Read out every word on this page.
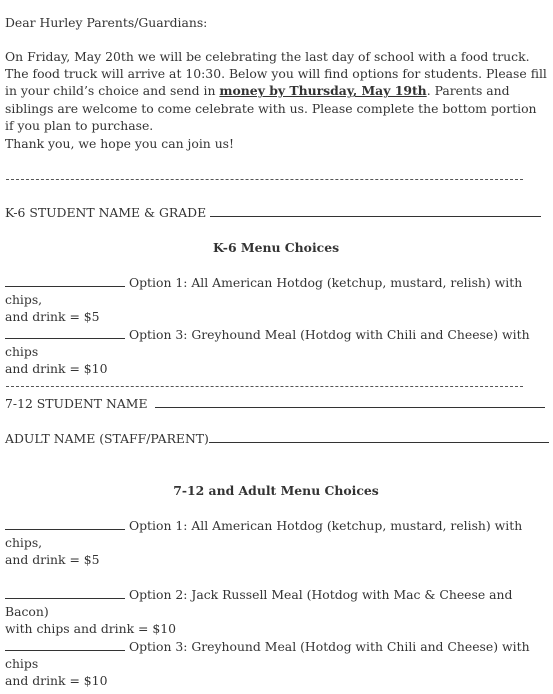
Dear Hurley Parents/Guardians:

On Friday, May 20th we will be celebrating the last day of school with a food truck. The food truck will arrive at 10:30. Below you will find options for students. Please fill in your child’s choice and send in money by Thursday, May 19th. Parents and siblings are welcome to come celebrate with us. Please complete the bottom portion if you plan to purchase.

Thank you, we hope you can join us!

K-6 STUDENT NAME & GRADE

K-6 Menu Choices

Option 1: All American Hotdog (ketchup, mustard, relish) with chips,
and drink = $5

Option 3: Greyhound Meal (Hotdog with Chili and Cheese) with chips
and drink = $10

7-12 STUDENT NAME

ADULT NAME (STAFF/PARENT)

7-12 and Adult Menu Choices

Option 1: All American Hotdog (ketchup, mustard, relish) with chips,
and drink = $5

Option 2: Jack Russell Meal (Hotdog with Mac & Cheese and Bacon)
with chips and drink = $10

Option 3: Greyhound Meal (Hotdog with Chili and Cheese) with chips
and drink = $10
